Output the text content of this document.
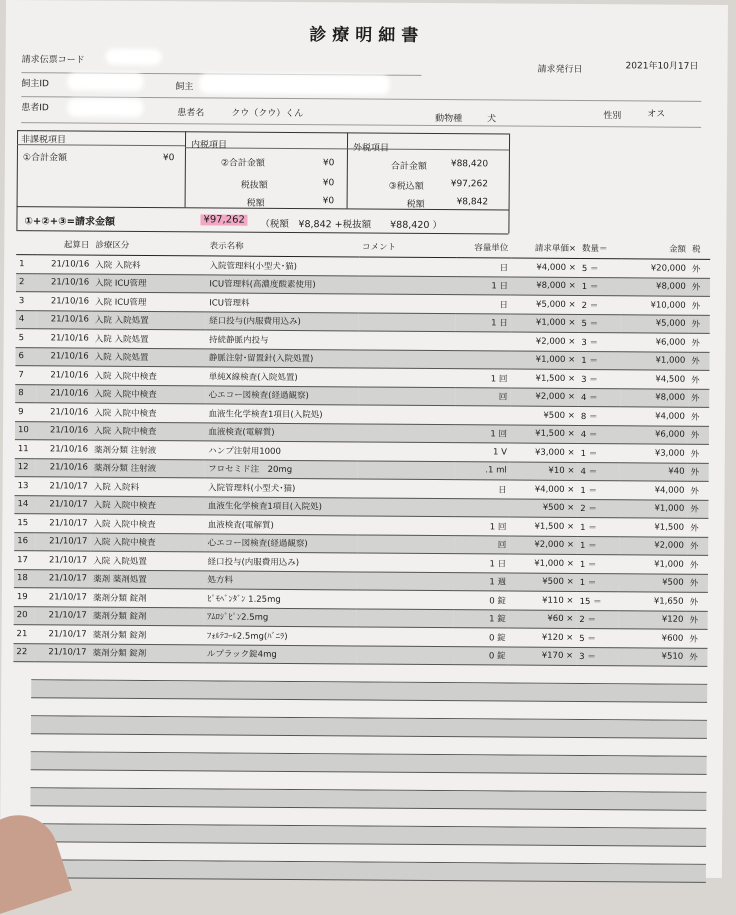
診療明細書
請求伝票コード
請求発行日	2021年10月17日
飼主ID	飼主
患者ID	患者名	クウ（クウ）くん
動物種	犬	性別	オス
非課税項目
①合計金額	¥0
内税項目
②合計金額	¥0
税抜額	¥0
税額	¥0
外税項目
合計金額	¥88,420
③税込額	¥97,262
税額	¥8,842
①+②+③=請求金額	¥97,262	（税額　¥8,842 +税抜額　　¥88,420 ）
	起算日	診療区分	表示名称	コメント	容量単位	請求単価×	数量＝	金額	税
1	21/10/16	入院 入院料	入院管理料(小型犬･猫)		日	¥4,000 ×	5 ＝	¥20,000	外
2	21/10/16	入院 ICU管理	ICU管理料(高濃度酸素使用)		1 日	¥8,000 ×	1 ＝	¥8,000	外
3	21/10/16	入院 ICU管理	ICU管理料		日	¥5,000 ×	2 ＝	¥10,000	外
4	21/10/16	入院 入院処置	経口投与(内服費用込み)		1 日	¥1,000 ×	5 ＝	¥5,000	外
5	21/10/16	入院 入院処置	持続静脈内投与			¥2,000 ×	3 ＝	¥6,000	外
6	21/10/16	入院 入院処置	静脈注射･留置針(入院処置)			¥1,000 ×	1 ＝	¥1,000	外
7	21/10/16	入院 入院中検査	単純X線検査(入院処置)		1 回	¥1,500 ×	3 ＝	¥4,500	外
8	21/10/16	入院 入院中検査	心エコー図検査(経過観察)		回	¥2,000 ×	4 ＝	¥8,000	外
9	21/10/16	入院 入院中検査	血液生化学検査1項目(入院処)			¥500 ×	8 ＝	¥4,000	外
10	21/10/16	入院 入院中検査	血液検査(電解質)		1 回	¥1,500 ×	4 ＝	¥6,000	外
11	21/10/16	薬剤分類 注射液	ハンプ注射用1000		1 V	¥3,000 ×	1 ＝	¥3,000	外
12	21/10/16	薬剤分類 注射液	フロセミド注　20mg		.1 ml	¥10 ×	4 ＝	¥40	外
13	21/10/17	入院 入院料	入院管理料(小型犬･猫)		日	¥4,000 ×	1 ＝	¥4,000	外
14	21/10/17	入院 入院中検査	血液生化学検査1項目(入院処)			¥500 ×	2 ＝	¥1,000	外
15	21/10/17	入院 入院中検査	血液検査(電解質)		1 回	¥1,500 ×	1 ＝	¥1,500	外
16	21/10/17	入院 入院中検査	心エコー図検査(経過観察)		回	¥2,000 ×	1 ＝	¥2,000	外
17	21/10/17	入院 入院処置	経口投与(内服費用込み)		1 日	¥1,000 ×	1 ＝	¥1,000	外
18	21/10/17	薬剤 薬剤処置	処方料		1 週	¥500 ×	1 ＝	¥500	外
19	21/10/17	薬剤分類 錠剤	ﾋﾟﾓﾍﾞﾝﾀﾞﾝ 1.25mg		0 錠	¥110 ×	15 ＝	¥1,650	外
20	21/10/17	薬剤分類 錠剤	ｱﾑﾛｼﾞﾋﾟﾝ2.5mg		1 錠	¥60 ×	2 ＝	¥120	外
21	21/10/17	薬剤分類 錠剤	ﾌｫﾙﾃｺｰﾙ2.5mg(ﾊﾞﾆﾗ)		0 錠	¥120 ×	5 ＝	¥600	外
22	21/10/17	薬剤分類 錠剤	ルプラック錠4mg		0 錠	¥170 ×	3 ＝	¥510	外
